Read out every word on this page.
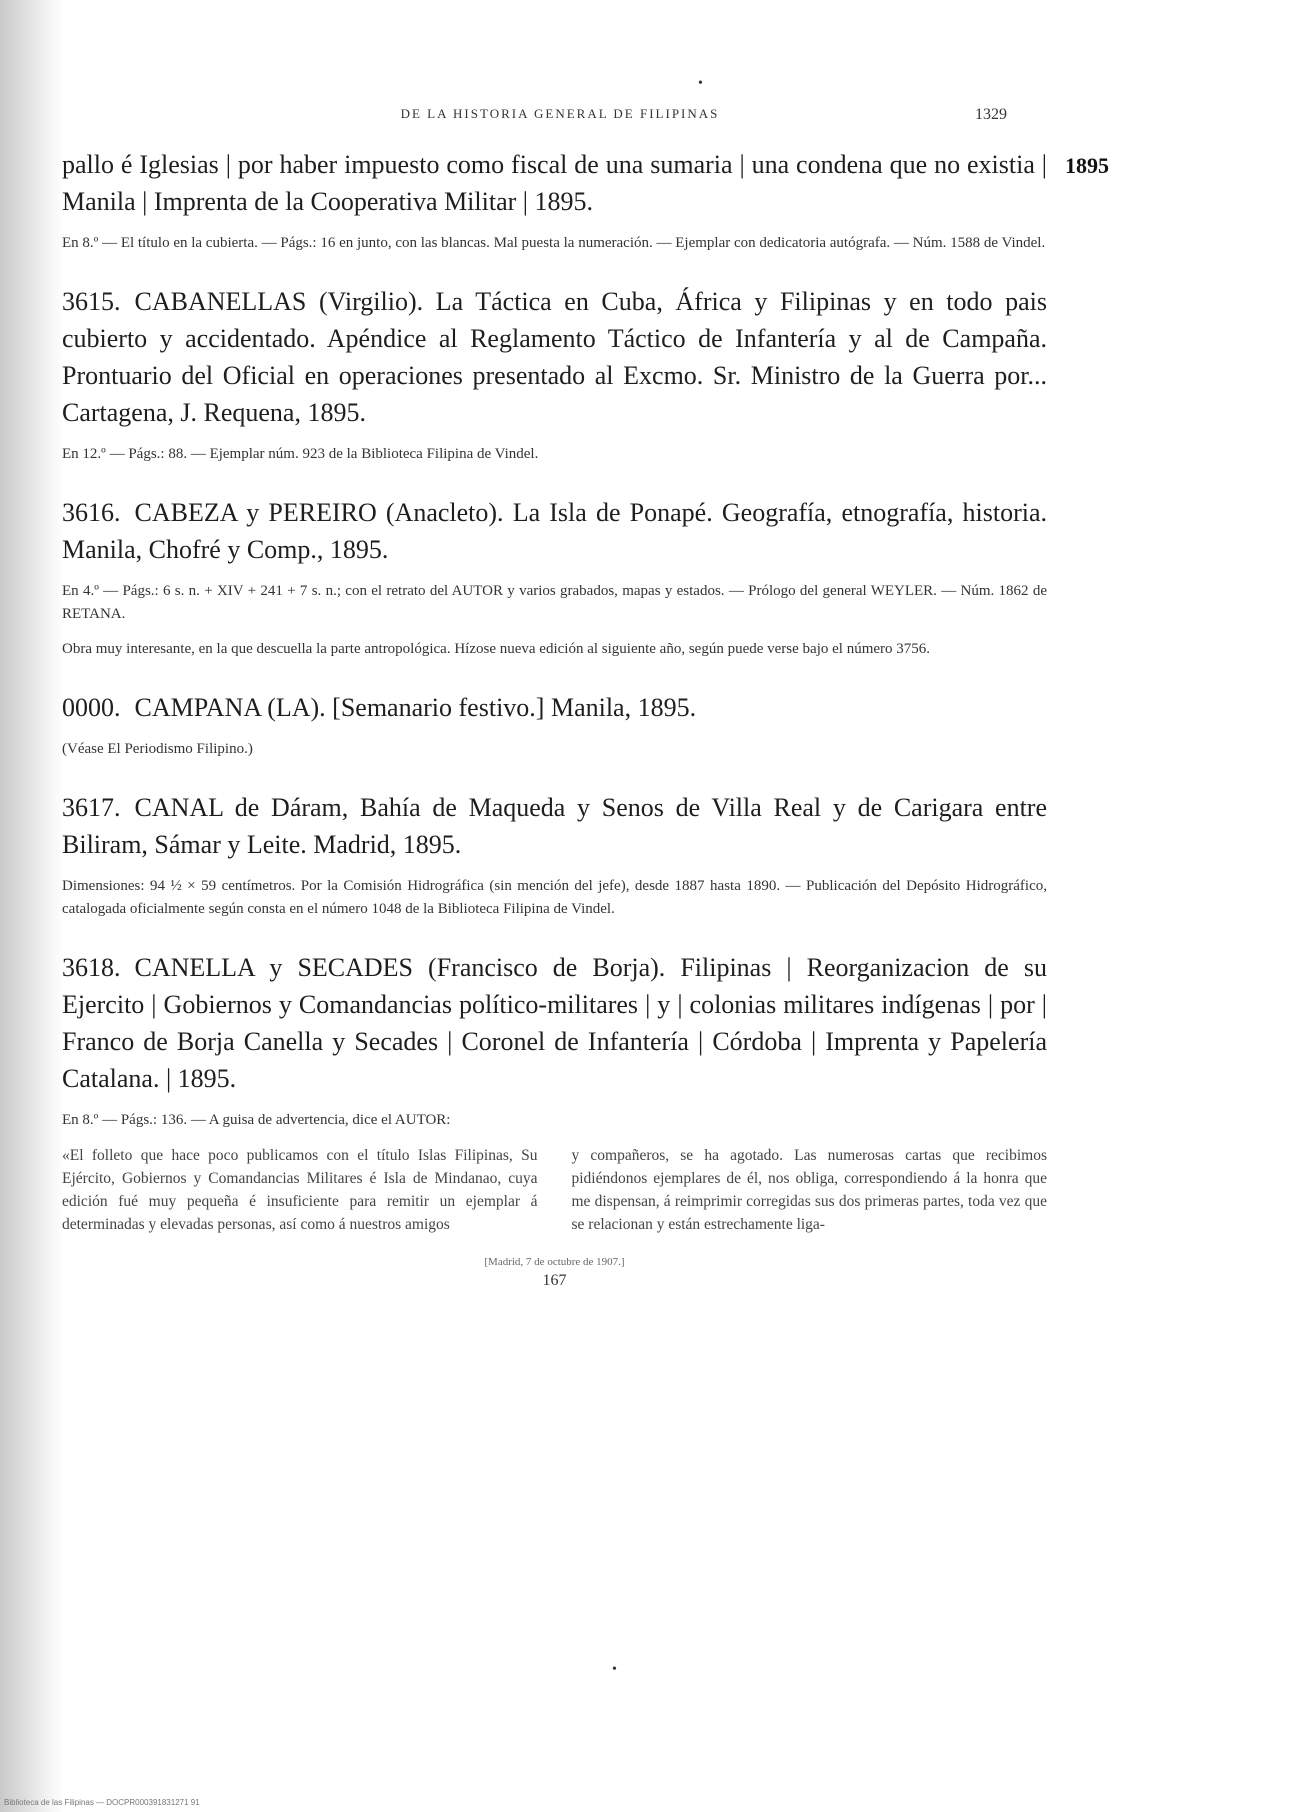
•
DE LA HISTORIA GENERAL DE FILIPINAS	1329
1895

pallo é Iglesias | por haber impuesto como fiscal de una sumaria | una condena que no existia | Manila | Imprenta de la Cooperativa Militar | 1895.

En 8.º — El título en la cubierta. — Págs.: 16 en junto, con las blancas. Mal puesta la numeración. — Ejemplar con dedicatoria autógrafa. — Núm. 1588 de Vindel.

3615. CABANELLAS (Virgilio). La Táctica en Cuba, África y Filipinas y en todo pais cubierto y accidentado. Apéndice al Reglamento Táctico de Infantería y al de Campaña. Prontuario del Oficial en operaciones presentado al Excmo. Sr. Ministro de la Guerra por... Cartagena, J. Requena, 1895.

En 12.º — Págs.: 88. — Ejemplar núm. 923 de la Biblioteca Filipina de Vindel.

3616. CABEZA y PEREIRO (Anacleto). La Isla de Ponapé. Geografía, etnografía, historia. Manila, Chofré y Comp., 1895.

En 4.º — Págs.: 6 s. n. + XIV + 241 + 7 s. n.; con el retrato del AUTOR y varios grabados, mapas y estados. — Prólogo del general WEYLER. — Núm. 1862 de RETANA.

Obra muy interesante, en la que descuella la parte antropológica. Hízose nueva edición al siguiente año, según puede verse bajo el número 3756.

0000. CAMPANA (LA). [Semanario festivo.] Manila, 1895.

(Véase El Periodismo Filipino.)

3617. CANAL de Dáram, Bahía de Maqueda y Senos de Villa Real y de Carigara entre Biliram, Sámar y Leite. Madrid, 1895.

Dimensiones: 94 ½ × 59 centímetros. Por la Comisión Hidrográfica (sin mención del jefe), desde 1887 hasta 1890. — Publicación del Depósito Hidrográfico, catalogada oficialmente según consta en el número 1048 de la Biblioteca Filipina de Vindel.

3618. CANELLA y SECADES (Francisco de Borja). Filipinas | Reorganizacion de su Ejercito | Gobiernos y Comandancias político-militares | y | colonias militares indígenas | por | Franco de Borja Canella y Secades | Coronel de Infantería | Córdoba | Imprenta y Papelería Catalana. | 1895.

En 8.º — Págs.: 136. — A guisa de advertencia, dice el AUTOR:

«El folleto que hace poco publicamos con el título Islas Filipinas, Su Ejército, Gobiernos y Comandancias Militares é Isla de Mindanao, cuya edición fué muy pequeña é insuficiente para remitir un ejemplar á determinadas y elevadas personas, así como á nuestros amigos
y compañeros, se ha agotado. Las numerosas cartas que recibimos pidiéndonos ejemplares de él, nos obliga, correspondiendo á la honra que me dispensan, á reimprimir corregidas sus dos primeras partes, toda vez que se relacionan y están estrechamente liga-
[Madrid, 7 de octubre de 1907.]
167
•
Biblioteca de las Filipinas — DOCPR000391831271 91
